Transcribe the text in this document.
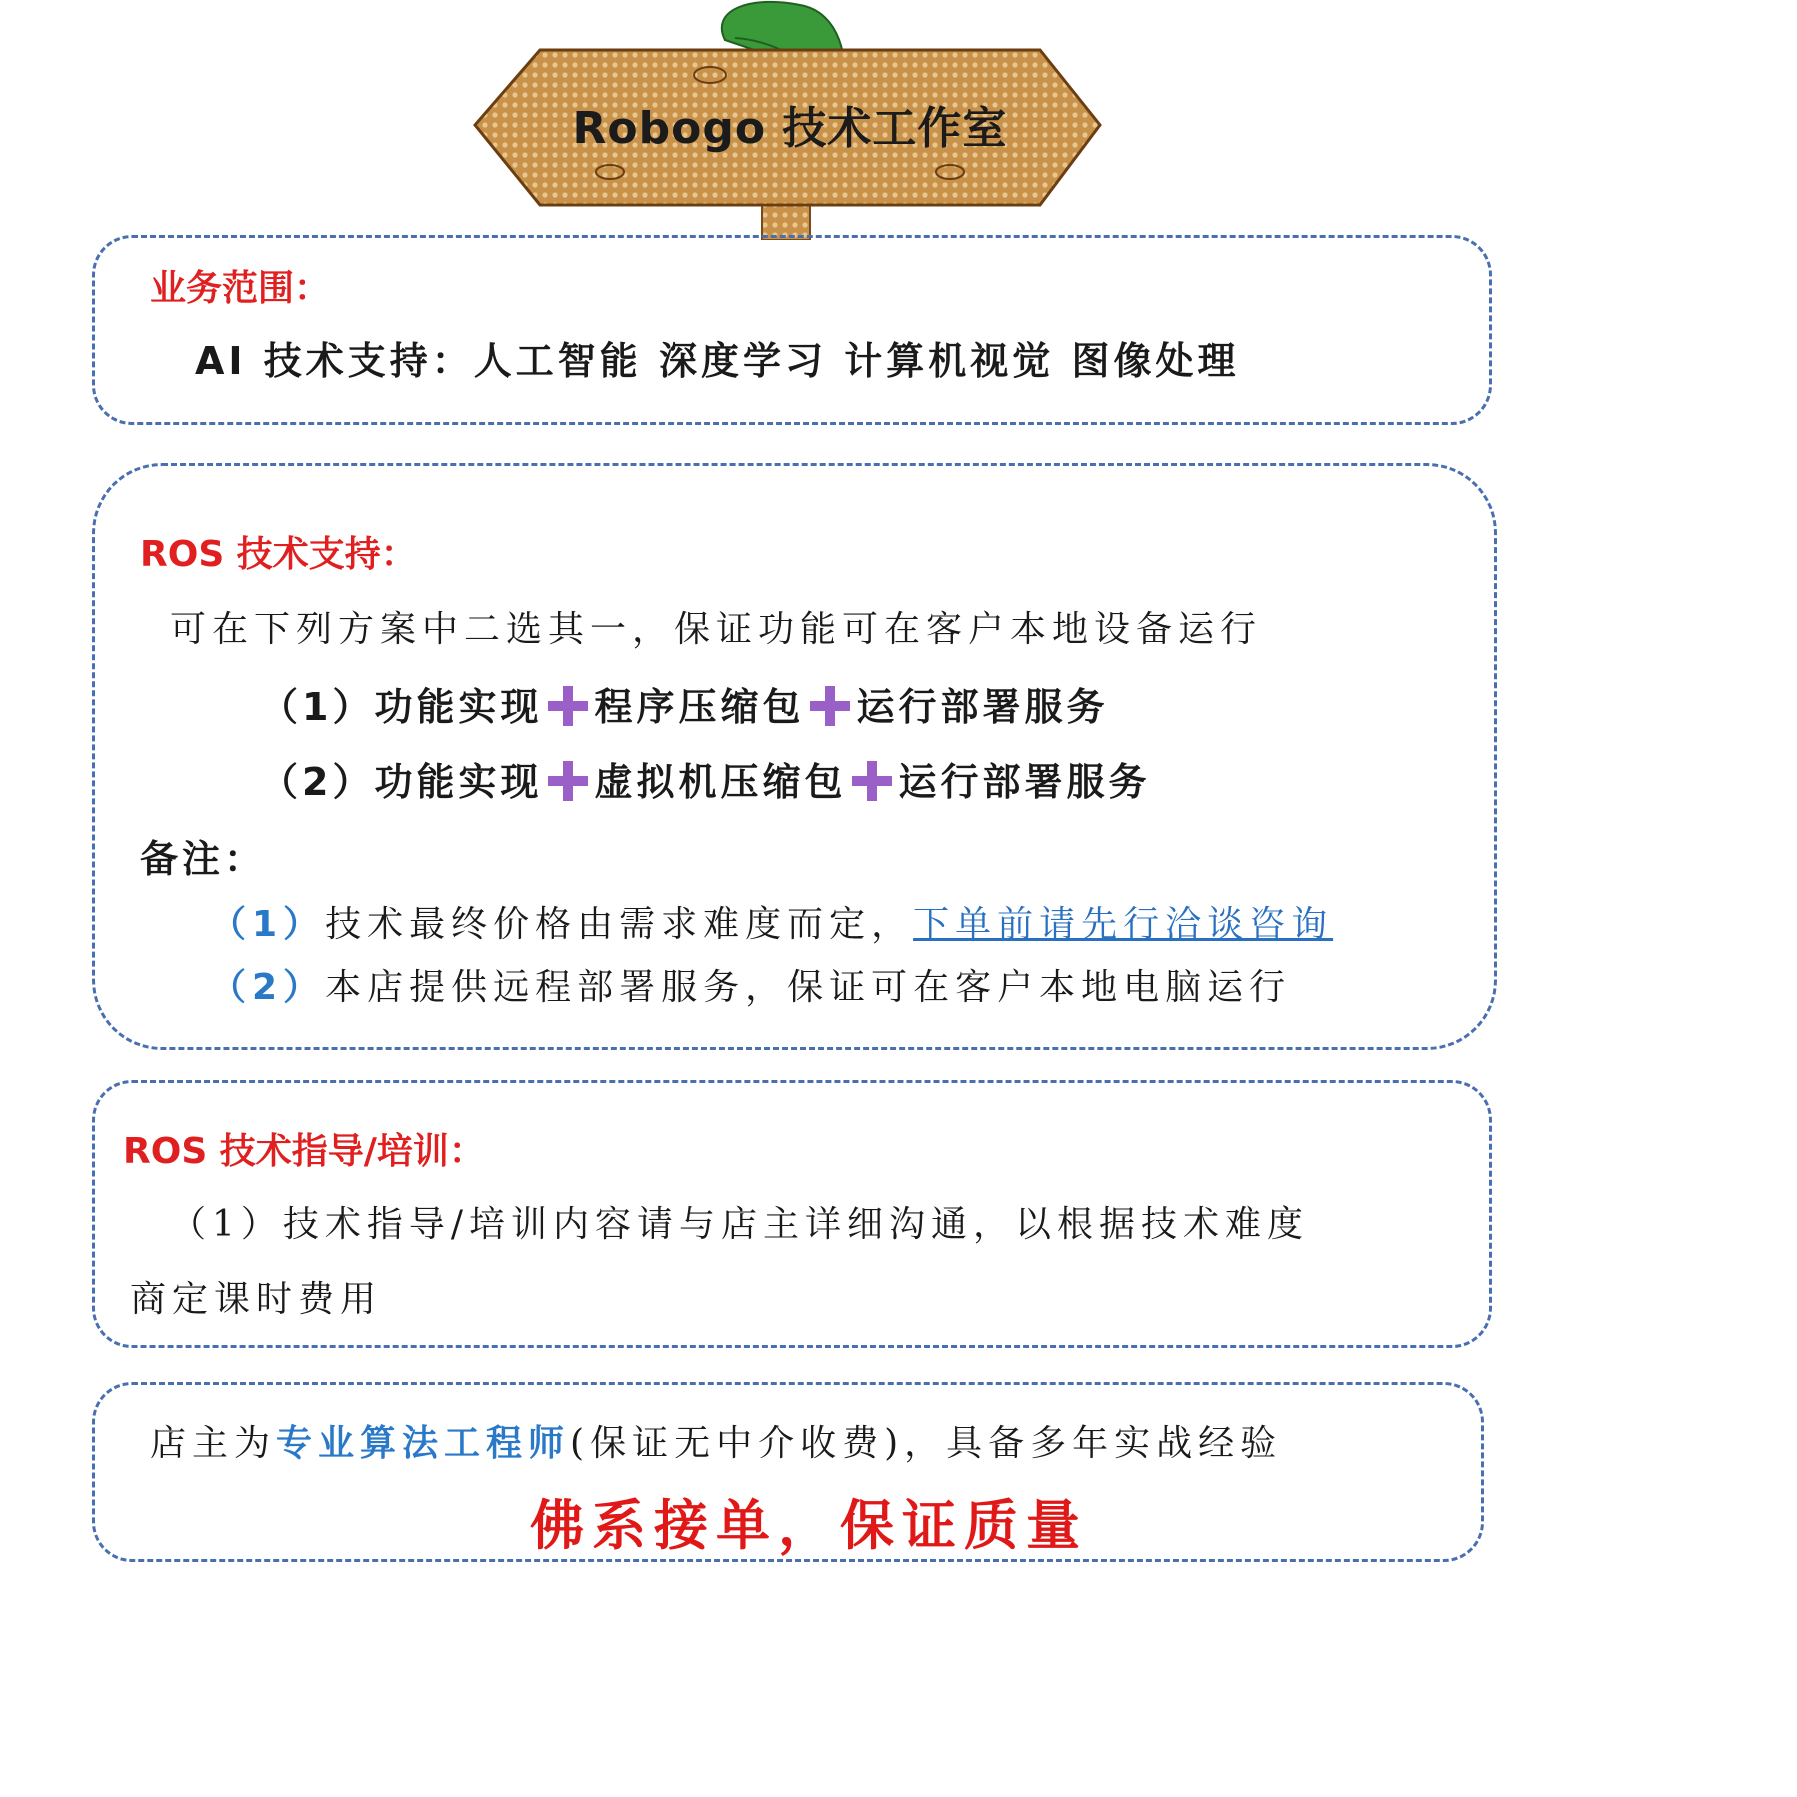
Robogo 技术工作室
业务范围：
AI 技术支持：人工智能 深度学习 计算机视觉 图像处理
ROS 技术支持：
可在下列方案中二选其一，保证功能可在客户本地设备运行
（1）功能实现 程序压缩包 运行部署服务
（2）功能实现 虚拟机压缩包 运行部署服务
备注：
（1）技术最终价格由需求难度而定，下单前请先行洽谈咨询
（2）本店提供远程部署服务，保证可在客户本地电脑运行
ROS 技术指导/培训：
（1）技术指导/培训内容请与店主详细沟通，以根据技术难度
商定课时费用
店主为专业算法工程师(保证无中介收费)，具备多年实战经验
佛系接单，保证质量
